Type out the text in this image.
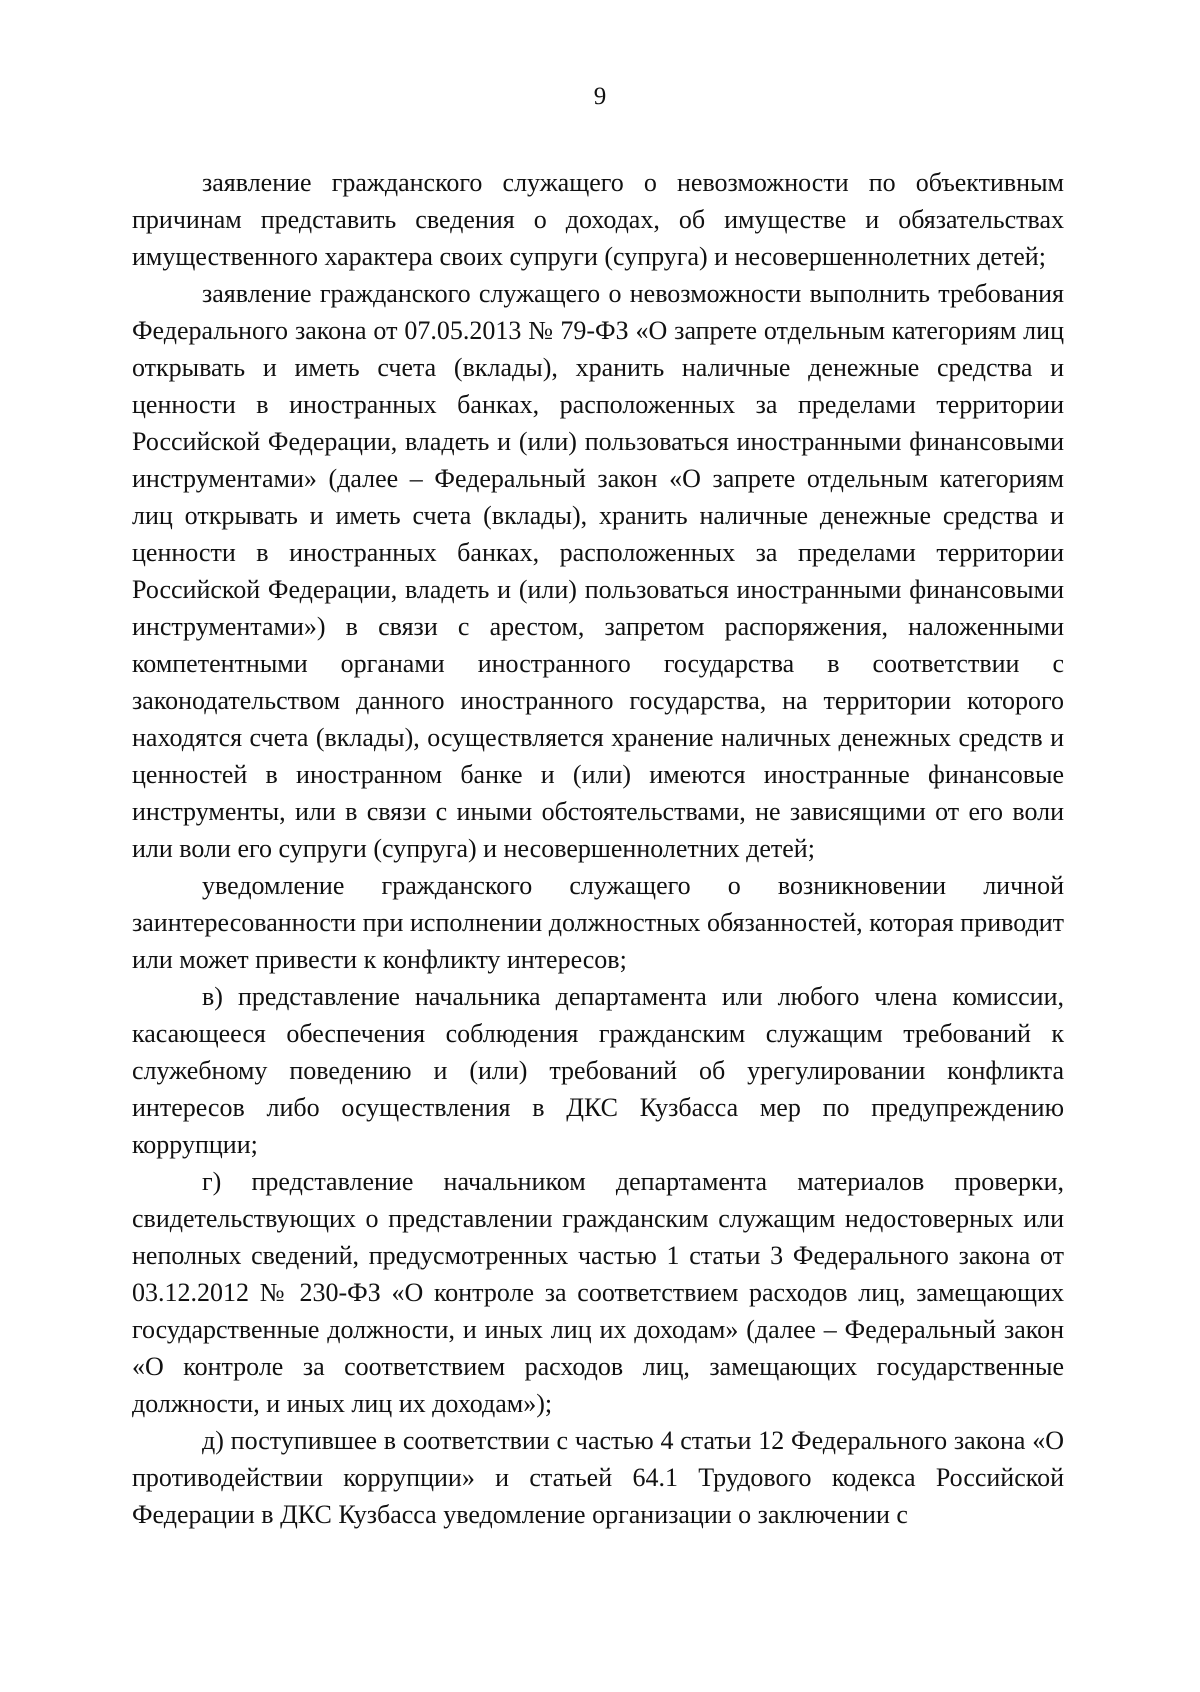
9

заявление гражданского служащего о невозможности по объективным причинам представить сведения о доходах, об имуществе и обязательствах имущественного характера своих супруги (супруга) и несовершеннолетних детей;

заявление гражданского служащего о невозможности выполнить требования Федерального закона от 07.05.2013 № 79-ФЗ «О запрете отдельным категориям лиц открывать и иметь счета (вклады), хранить наличные денежные средства и ценности в иностранных банках, расположенных за пределами территории Российской Федерации, владеть и (или) пользоваться иностранными финансовыми инструментами» (далее – Федеральный закон «О запрете отдельным категориям лиц открывать и иметь счета (вклады), хранить наличные денежные средства и ценности в иностранных банках, расположенных за пределами территории Российской Федерации, владеть и (или) пользоваться иностранными финансовыми инструментами») в связи с арестом, запретом распоряжения, наложенными компетентными органами иностранного государства в соответствии с законодательством данного иностранного государства, на территории которого находятся счета (вклады), осуществляется хранение наличных денежных средств и ценностей в иностранном банке и (или) имеются иностранные финансовые инструменты, или в связи с иными обстоятельствами, не зависящими от его воли или воли его супруги (супруга) и несовершеннолетних детей;

уведомление гражданского служащего о возникновении личной заинтересованности при исполнении должностных обязанностей, которая приводит или может привести к конфликту интересов;

в) представление начальника департамента или любого члена комиссии, касающееся обеспечения соблюдения гражданским служащим требований к служебному поведению и (или) требований об урегулировании конфликта интересов либо осуществления в ДКС Кузбасса мер по предупреждению коррупции;

г) представление начальником департамента материалов проверки, свидетельствующих о представлении гражданским служащим недостоверных или неполных сведений, предусмотренных частью 1 статьи 3 Федерального закона от 03.12.2012 № 230-ФЗ «О контроле за соответствием расходов лиц, замещающих государственные должности, и иных лиц их доходам» (далее – Федеральный закон «О контроле за соответствием расходов лиц, замещающих государственные должности, и иных лиц их доходам»);

д) поступившее в соответствии с частью 4 статьи 12 Федерального закона «О противодействии коррупции» и статьей 64.1 Трудового кодекса Российской Федерации в ДКС Кузбасса уведомление организации о заключении с
